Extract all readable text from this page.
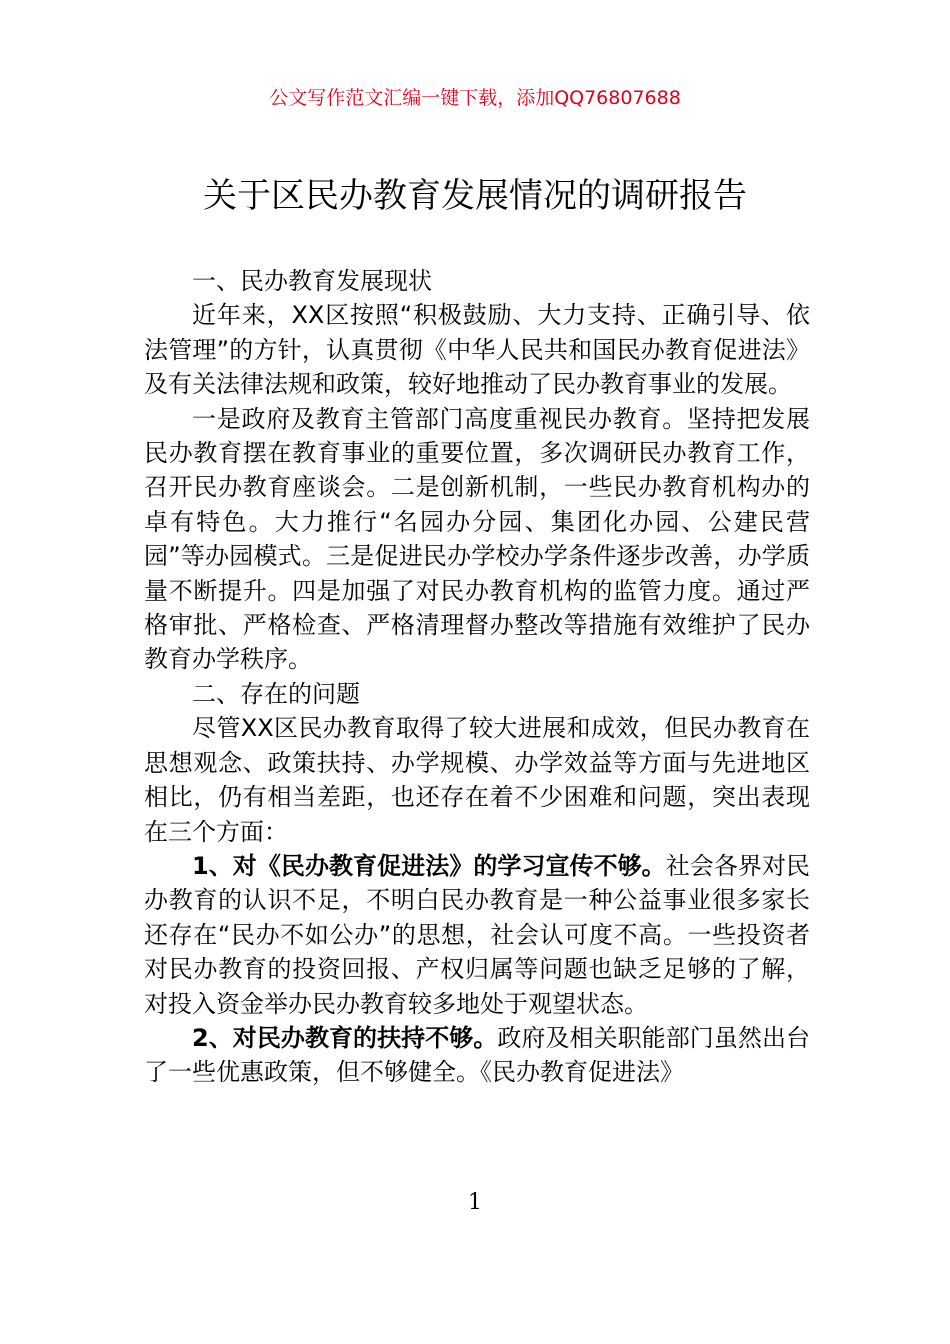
公文写作范文汇编一键下载，添加QQ76807688
关于区民办教育发展情况的调研报告

一、民办教育发展现状

近年来，XX区按照“积极鼓励、大力支持、正确引导、依法管理”的方针，认真贯彻《中华人民共和国民办教育促进法》及有关法律法规和政策，较好地推动了民办教育事业的发展。

一是政府及教育主管部门高度重视民办教育。坚持把发展民办教育摆在教育事业的重要位置，多次调研民办教育工作，召开民办教育座谈会。二是创新机制，一些民办教育机构办的卓有特色。大力推行“名园办分园、集团化办园、公建民营园”等办园模式。三是促进民办学校办学条件逐步改善，办学质量不断提升。四是加强了对民办教育机构的监管力度。通过严格审批、严格检查、严格清理督办整改等措施有效维护了民办教育办学秩序。

二、存在的问题

尽管XX区民办教育取得了较大进展和成效，但民办教育在思想观念、政策扶持、办学规模、办学效益等方面与先进地区相比，仍有相当差距，也还存在着不少困难和问题，突出表现在三个方面：

1、对《民办教育促进法》的学习宣传不够。社会各界对民办教育的认识不足，不明白民办教育是一种公益事业很多家长还存在“民办不如公办”的思想，社会认可度不高。一些投资者对民办教育的投资回报、产权归属等问题也缺乏足够的了解，对投入资金举办民办教育较多地处于观望状态。

2、对民办教育的扶持不够。政府及相关职能部门虽然出台了一些优惠政策，但不够健全。《民办教育促进法》

1
